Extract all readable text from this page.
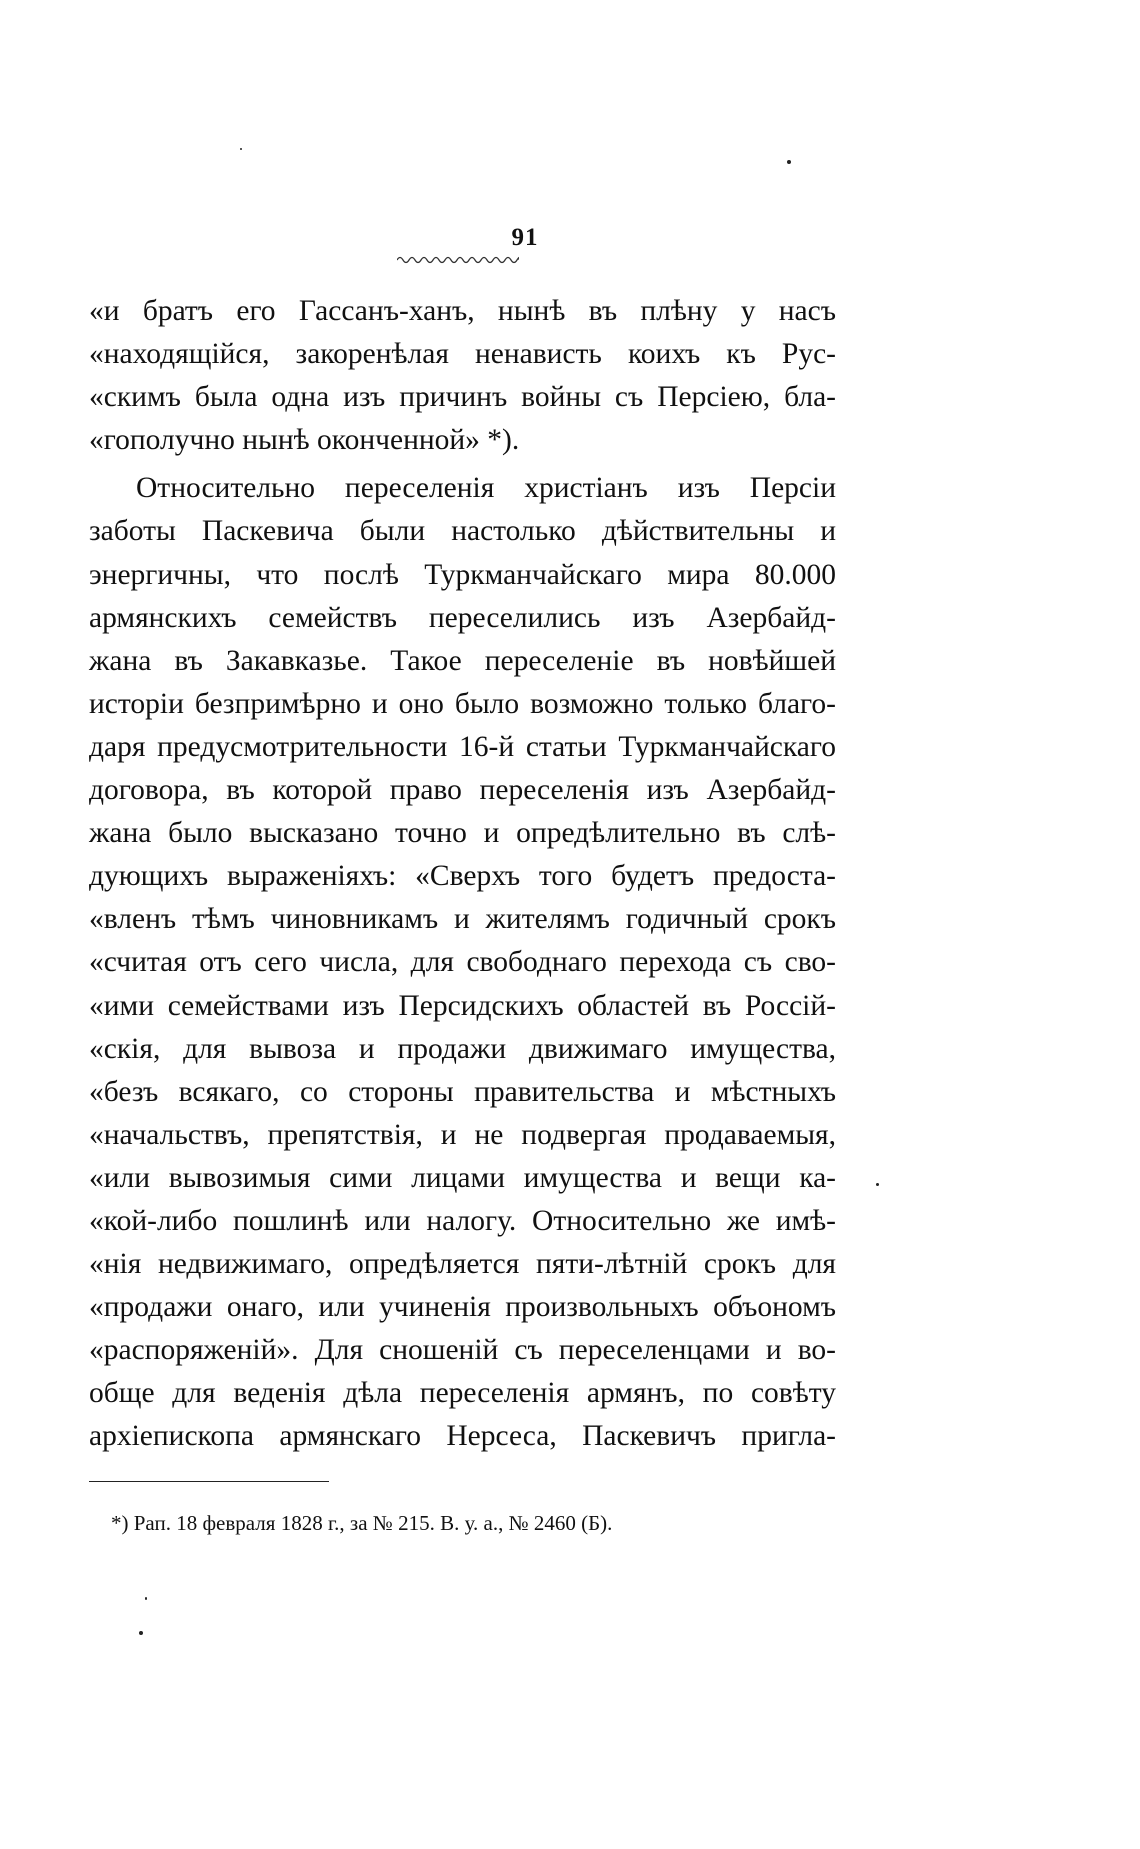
91
«и братъ его Гассанъ-ханъ, нынѣ въ плѣну у насъ
«находящійся, закоренѣлая ненависть коихъ къ Рус-
«скимъ была одна изъ причинъ войны съ Персіею, бла-
«гополучно нынѣ оконченной» *).
Относительно переселенія христіанъ изъ Персіи
заботы Паскевича были настолько дѣйствительны и
энергичны, что послѣ Туркманчайскаго мира 80.000
армянскихъ семействъ переселились изъ Азербайд-
жана въ Закавказье. Такое переселеніе въ новѣйшей
исторіи безпримѣрно и оно было возможно только благо-
даря предусмотрительности 16-й статьи Туркманчайскаго
договора, въ которой право переселенія изъ Азербайд-
жана было высказано точно и опредѣлительно въ слѣ-
дующихъ выраженіяхъ: «Сверхъ того будетъ предоста-
«вленъ тѣмъ чиновникамъ и жителямъ годичный срокъ
«считая отъ сего числа, для свободнаго перехода съ сво-
«ими семействами изъ Персидскихъ областей въ Россій-
«скія, для вывоза и продажи движимаго имущества,
«безъ всякаго, со стороны правительства и мѣстныхъ
«начальствъ, препятствія, и не подвергая продаваемыя,
«или вывозимыя сими лицами имущества и вещи ка-
«кой-либо пошлинѣ или налогу. Относительно же имѣ-
«нія недвижимаго, опредѣляется пяти-лѣтній срокъ для
«продажи онаго, или учиненія произвольныхъ объономъ
«распоряженій». Для сношеній съ переселенцами и во-
обще для веденія дѣла переселенія армянъ, по совѣту
архіепископа армянскаго Нерсеса, Паскевичъ пригла-
*) Рап. 18 февраля 1828 г., за № 215. В. у. а., № 2460 (Б).
